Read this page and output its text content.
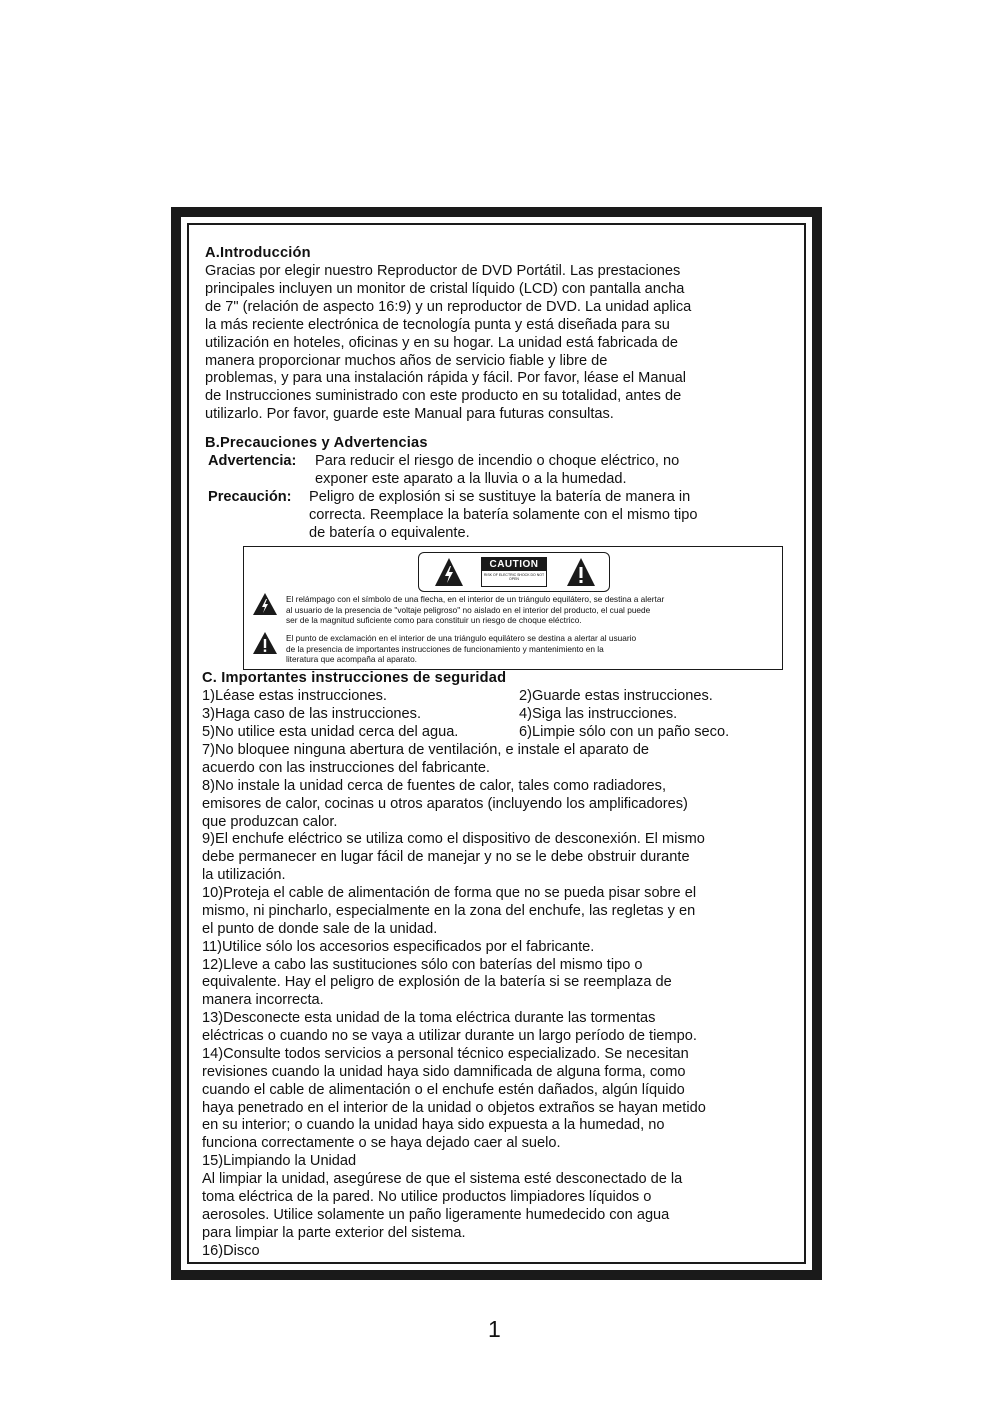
A.Introducción
Gracias por elegir nuestro Reproductor de DVD Portátil. Las prestaciones
principales incluyen un monitor de cristal líquido (LCD) con pantalla ancha
de 7" (relación de aspecto 16:9) y un reproductor de DVD. La unidad aplica
la más reciente electrónica de tecnología punta y está diseñada para su
utilización en hoteles, oficinas y en su hogar. La unidad está fabricada de
manera proporcionar muchos años de servicio fiable y libre de
problemas, y para una instalación rápida y fácil. Por favor, léase el Manual
de Instrucciones suministrado con este producto en su totalidad, antes de
utilizarlo. Por favor, guarde este Manual para futuras consultas.
B.Precauciones y Advertencias
Advertencia: Para reducir el riesgo de incendio o choque eléctrico, no
exponer este aparato a la lluvia o a la humedad.
Precaución: Peligro de explosión si se sustituye la batería de manera in
correcta. Reemplace la batería solamente con el mismo tipo
de batería o equivalente.
CAUTION
RISK OF ELECTRIC SHOCK DO NOT OPEN
El relámpago con el símbolo de una flecha, en el interior de un triángulo equilátero, se destina a alertar
al usuario de la presencia de "voltaje peligroso" no aislado en el interior del producto, el cual puede
ser de la magnitud suficiente como para constituir un riesgo de choque eléctrico.
El punto de exclamación en el interior de una triángulo equilátero se destina a alertar al usuario
de la presencia de importantes instrucciones de funcionamiento y mantenimiento en la
literatura que acompaña al aparato.
C. Importantes instrucciones de seguridad
1)Léase estas instrucciones.	2)Guarde estas instrucciones.
3)Haga caso de las instrucciones.	4)Siga las instrucciones.
5)No utilice esta unidad cerca del agua.	6)Limpie sólo con un paño seco.
7)No bloquee ninguna abertura de ventilación, e instale el aparato de
acuerdo con las instrucciones del fabricante.
8)No instale la unidad cerca de fuentes de calor, tales como radiadores,
emisores de calor, cocinas u otros aparatos (incluyendo los amplificadores)
que produzcan calor.
9)El enchufe eléctrico se utiliza como el dispositivo de desconexión. El mismo
debe permanecer en lugar fácil de manejar y no se le debe obstruir durante
la utilización.
10)Proteja el cable de alimentación de forma que no se pueda pisar sobre el
mismo, ni pincharlo, especialmente en la zona del enchufe, las regletas y en
el punto de donde sale de la unidad.
11)Utilice sólo los accesorios especificados por el fabricante.
12)Lleve a cabo las sustituciones sólo con baterías del mismo tipo o
equivalente. Hay el peligro de explosión de la batería si se reemplaza de
manera incorrecta.
13)Desconecte esta unidad de la toma eléctrica durante las tormentas
eléctricas o cuando no se vaya a utilizar durante un largo período de tiempo.
14)Consulte todos servicios a personal técnico especializado. Se necesitan
revisiones cuando la unidad haya sido damnificada de alguna forma, como
cuando el cable de alimentación o el enchufe estén dañados, algún líquido
haya penetrado en el interior de la unidad o objetos extraños se hayan metido
en su interior; o cuando la unidad haya sido expuesta a la humedad, no
funciona correctamente o se haya dejado caer al suelo.
15)Limpiando la Unidad
Al limpiar la unidad, asegúrese de que el sistema esté desconectado de la
toma eléctrica de la pared. No utilice productos limpiadores líquidos o
aerosoles. Utilice solamente un paño ligeramente humedecido con agua
para limpiar la parte exterior del sistema.
16)Disco
1
